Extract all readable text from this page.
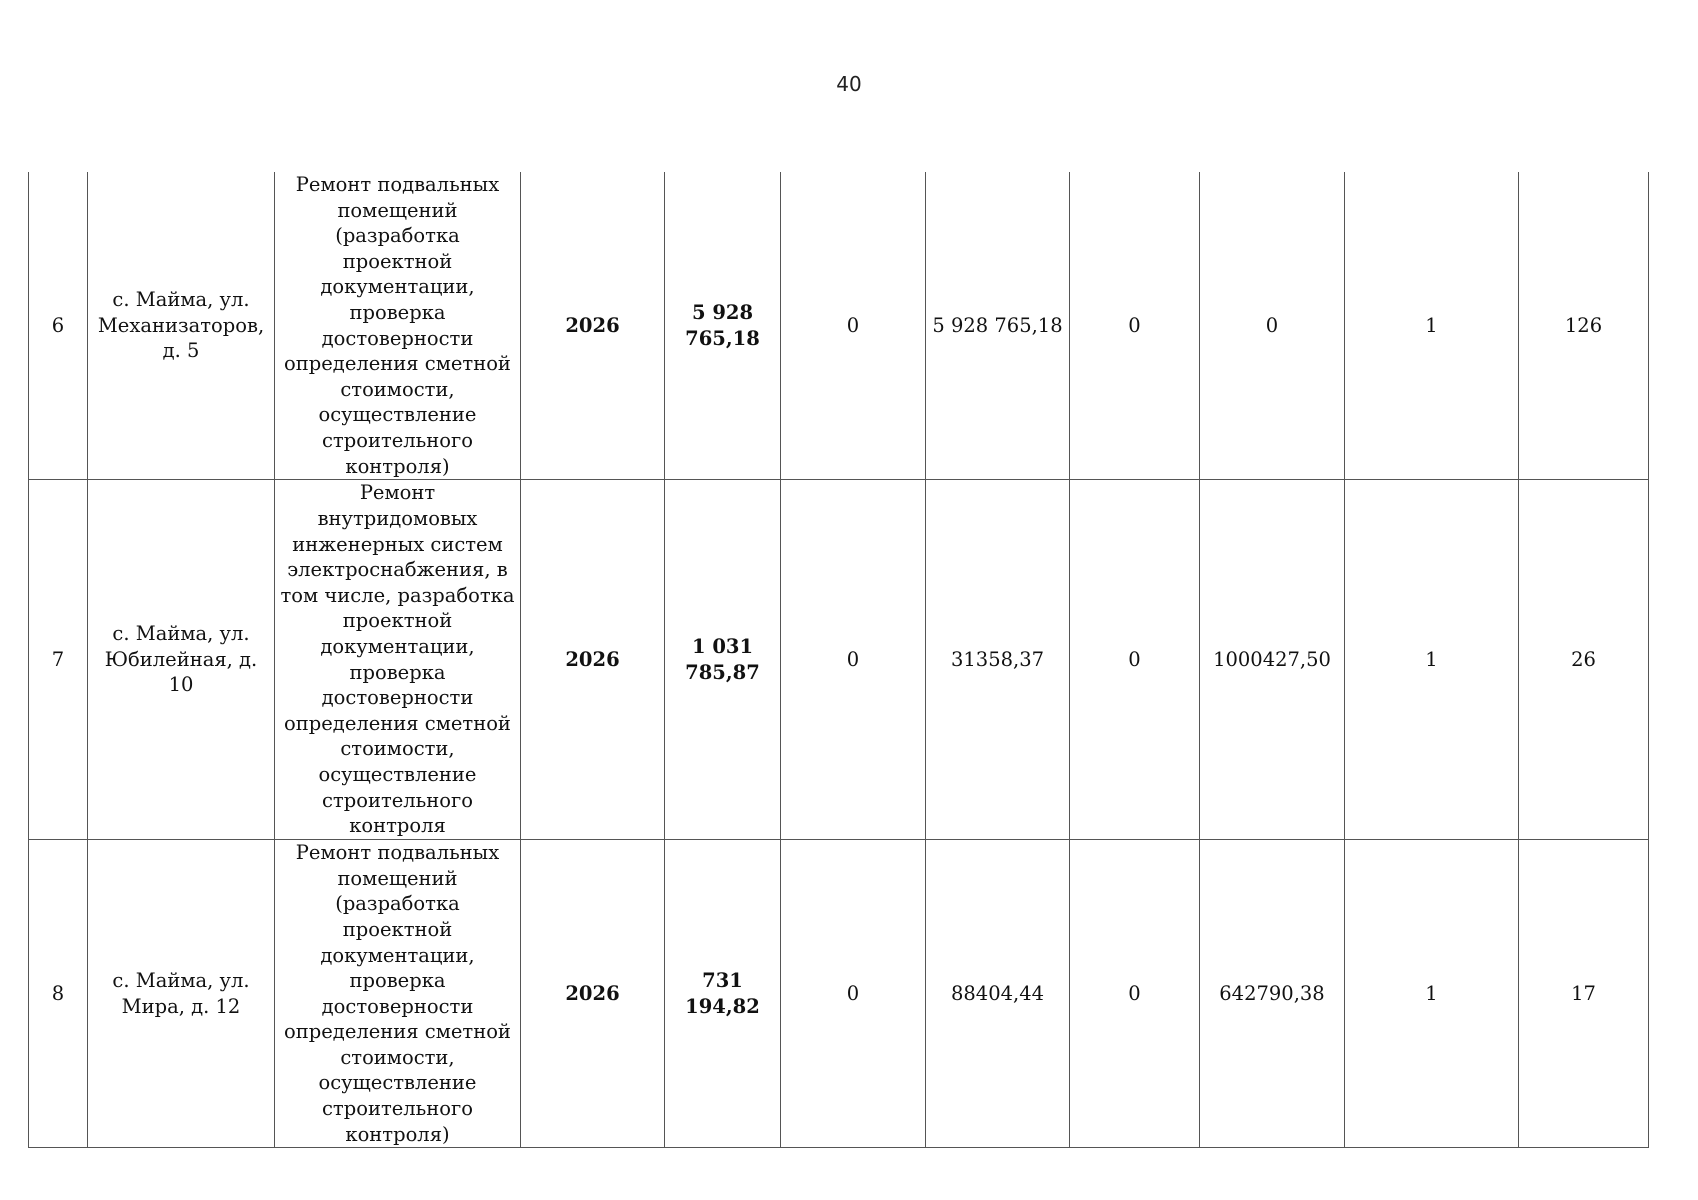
40
6	с. Майма, ул. Механизаторов, д. 5	Ремонт подвальных помещений (разработка проектной документации, проверка достоверности определения сметной стоимости, осуществление строительного контроля)	2026	5 928 765,18	0	5 928 765,18	0	0	1	126
7	с. Майма, ул. Юбилейная, д. 10	Ремонт внутридомовых инженерных систем электроснабжения, в том числе, разработка проектной документации, проверка достоверности определения сметной стоимости, осуществление строительного контроля	2026	1 031 785,87	0	31358,37	0	1000427,50	1	26
8	с. Майма, ул. Мира, д. 12	Ремонт подвальных помещений (разработка проектной документации, проверка достоверности определения сметной стоимости, осуществление строительного контроля)	2026	731 194,82	0	88404,44	0	642790,38	1	17
